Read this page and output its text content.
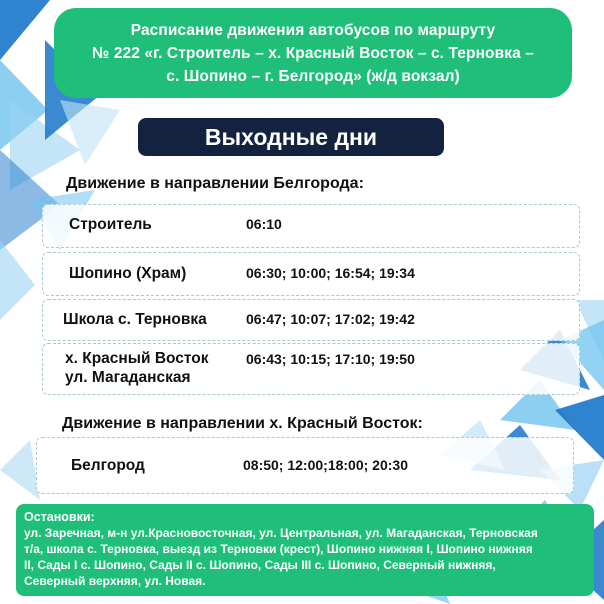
Расписание движения автобусов по маршруту
№ 222 «г. Строитель – х. Красный Восток – с. Терновка –
с. Шопино – г. Белгород» (ж/д вокзал)
Выходные дни
Движение в направлении Белгорода:
Строитель	06:10
Шопино (Храм)	06:30; 10:00; 16:54; 19:34
Школа с. Терновка	06:47; 10:07; 17:02; 19:42
х. Красный Восток
ул. Магаданская
06:43; 10:15; 17:10; 19:50
Движение в направлении х. Красный Восток:
Белгород	08:50; 12:00;18:00; 20:30
Остановки:
ул. Заречная, м-н ул.Красновосточная, ул. Центральная, ул. Магаданская, Терновская
т/а, школа с. Терновка, выезд из Терновки (крест), Шопино нижняя I, Шопино нижняя
II, Сады I с. Шопино, Сады II с. Шопино, Сады III с. Шопино, Северный нижняя,
Северный верхняя, ул. Новая.
